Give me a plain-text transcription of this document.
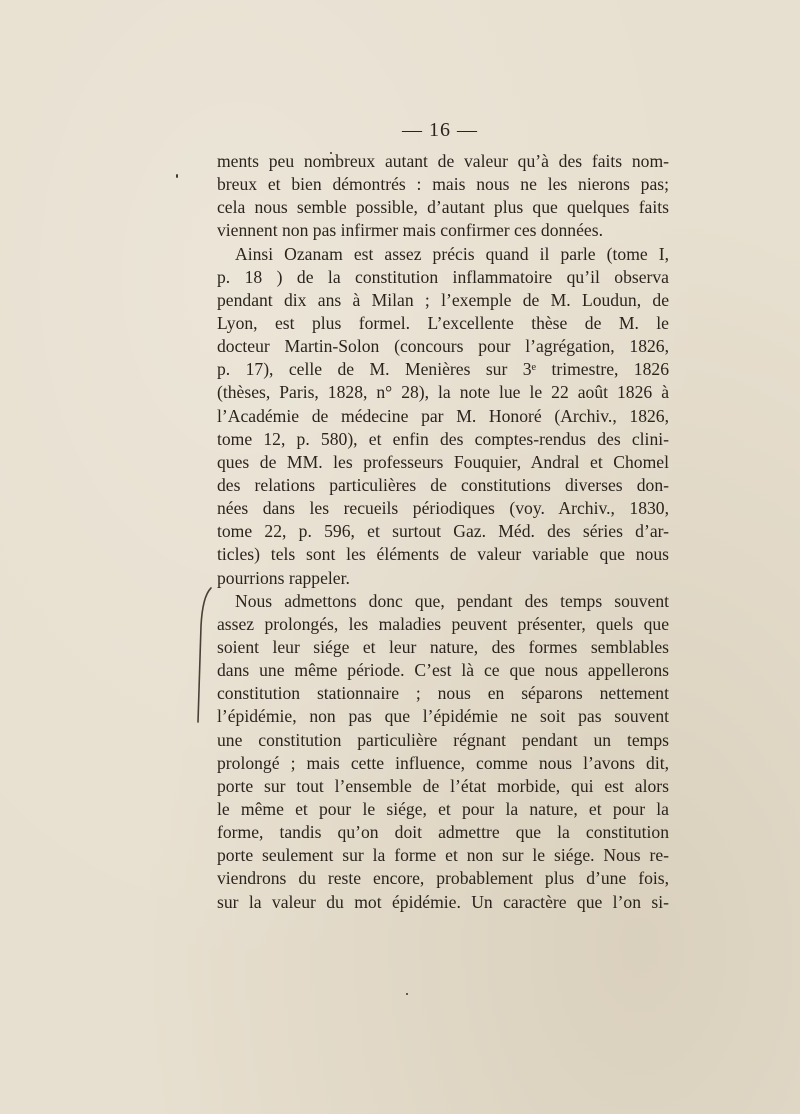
— 16 —
ments peu nombreux autant de valeur qu’à des faits nom-
breux et bien démontrés : mais nous ne les nierons pas;
cela nous semble possible, d’autant plus que quelques faits
viennent non pas infirmer mais confirmer ces données.
Ainsi Ozanam est assez précis quand il parle (tome I,
p. 18 ) de la constitution inflammatoire qu’il observa
pendant dix ans à Milan ; l’exemple de M. Loudun, de
Lyon, est plus formel. L’excellente thèse de M. le
docteur Martin-Solon (concours pour l’agrégation, 1826,
p. 17), celle de M. Menières sur 3ᵉ trimestre, 1826
(thèses, Paris, 1828, n° 28), la note lue le 22 août 1826 à
l’Académie de médecine par M. Honoré (Archiv., 1826,
tome 12, p. 580), et enfin des comptes-rendus des clini-
ques de MM. les professeurs Fouquier, Andral et Chomel
des relations particulières de constitutions diverses don-
nées dans les recueils périodiques (voy. Archiv., 1830,
tome 22, p. 596, et surtout Gaz. Méd. des séries d’ar-
ticles) tels sont les éléments de valeur variable que nous
pourrions rappeler.
Nous admettons donc que, pendant des temps souvent
assez prolongés, les maladies peuvent présenter, quels que
soient leur siége et leur nature, des formes semblables
dans une même période. C’est là ce que nous appellerons
constitution stationnaire ; nous en séparons nettement
l’épidémie, non pas que l’épidémie ne soit pas souvent
une constitution particulière régnant pendant un temps
prolongé ; mais cette influence, comme nous l’avons dit,
porte sur tout l’ensemble de l’état morbide, qui est alors
le même et pour le siége, et pour la nature, et pour la
forme, tandis qu’on doit admettre que la constitution
porte seulement sur la forme et non sur le siége. Nous re-
viendrons du reste encore, probablement plus d’une fois,
sur la valeur du mot épidémie. Un caractère que l’on si-
